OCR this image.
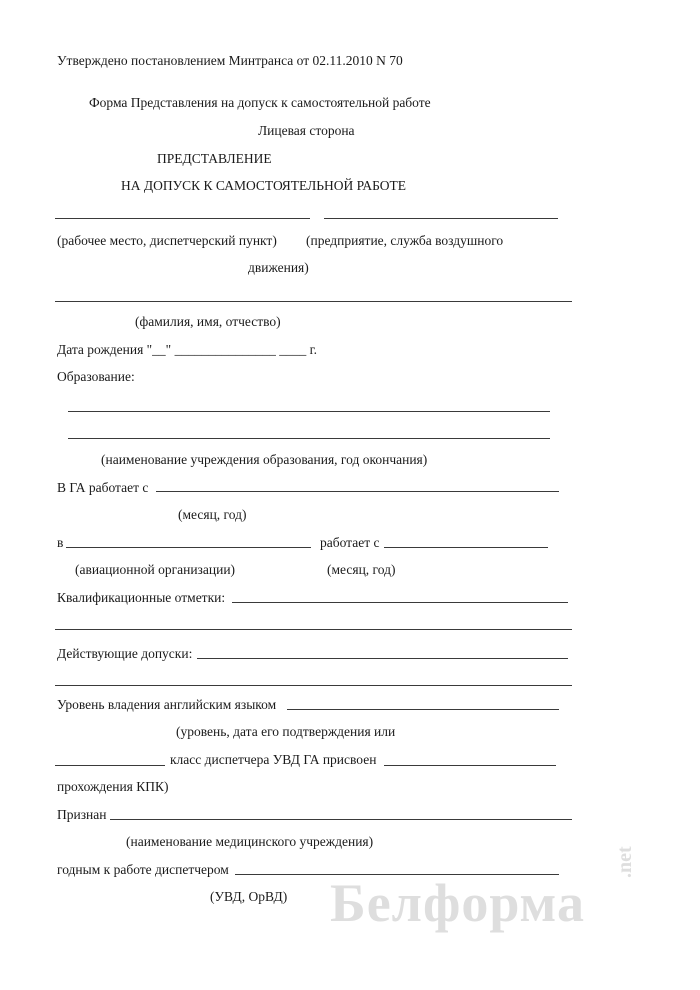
Утверждено постановлением Минтранса от 02.11.2010 N 70
Форма Представления на допуск к самостоятельной работе
Лицевая сторона
ПРЕДСТАВЛЕНИЕ
НА ДОПУСК К САМОСТОЯТЕЛЬНОЙ РАБОТЕ
(рабочее место, диспетчерский пункт) (предприятие, служба воздушного
движения)
(фамилия, имя, отчество)
Дата рождения "__" _______________ ____ г.
Образование:
(наименование учреждения образования, год окончания)
В ГА работает с
(месяц, год)
в	работает с
(авиационной организации)	(месяц, год)
Квалификационные отметки:
Действующие допуски:
Уровень владения английским языком
(уровень, дата его подтверждения или
класс диспетчера УВД ГА присвоен
прохождения КПК)
Признан
(наименование медицинского учреждения)
годным к работе диспетчером
(УВД, ОрВД) Белформа
.net
